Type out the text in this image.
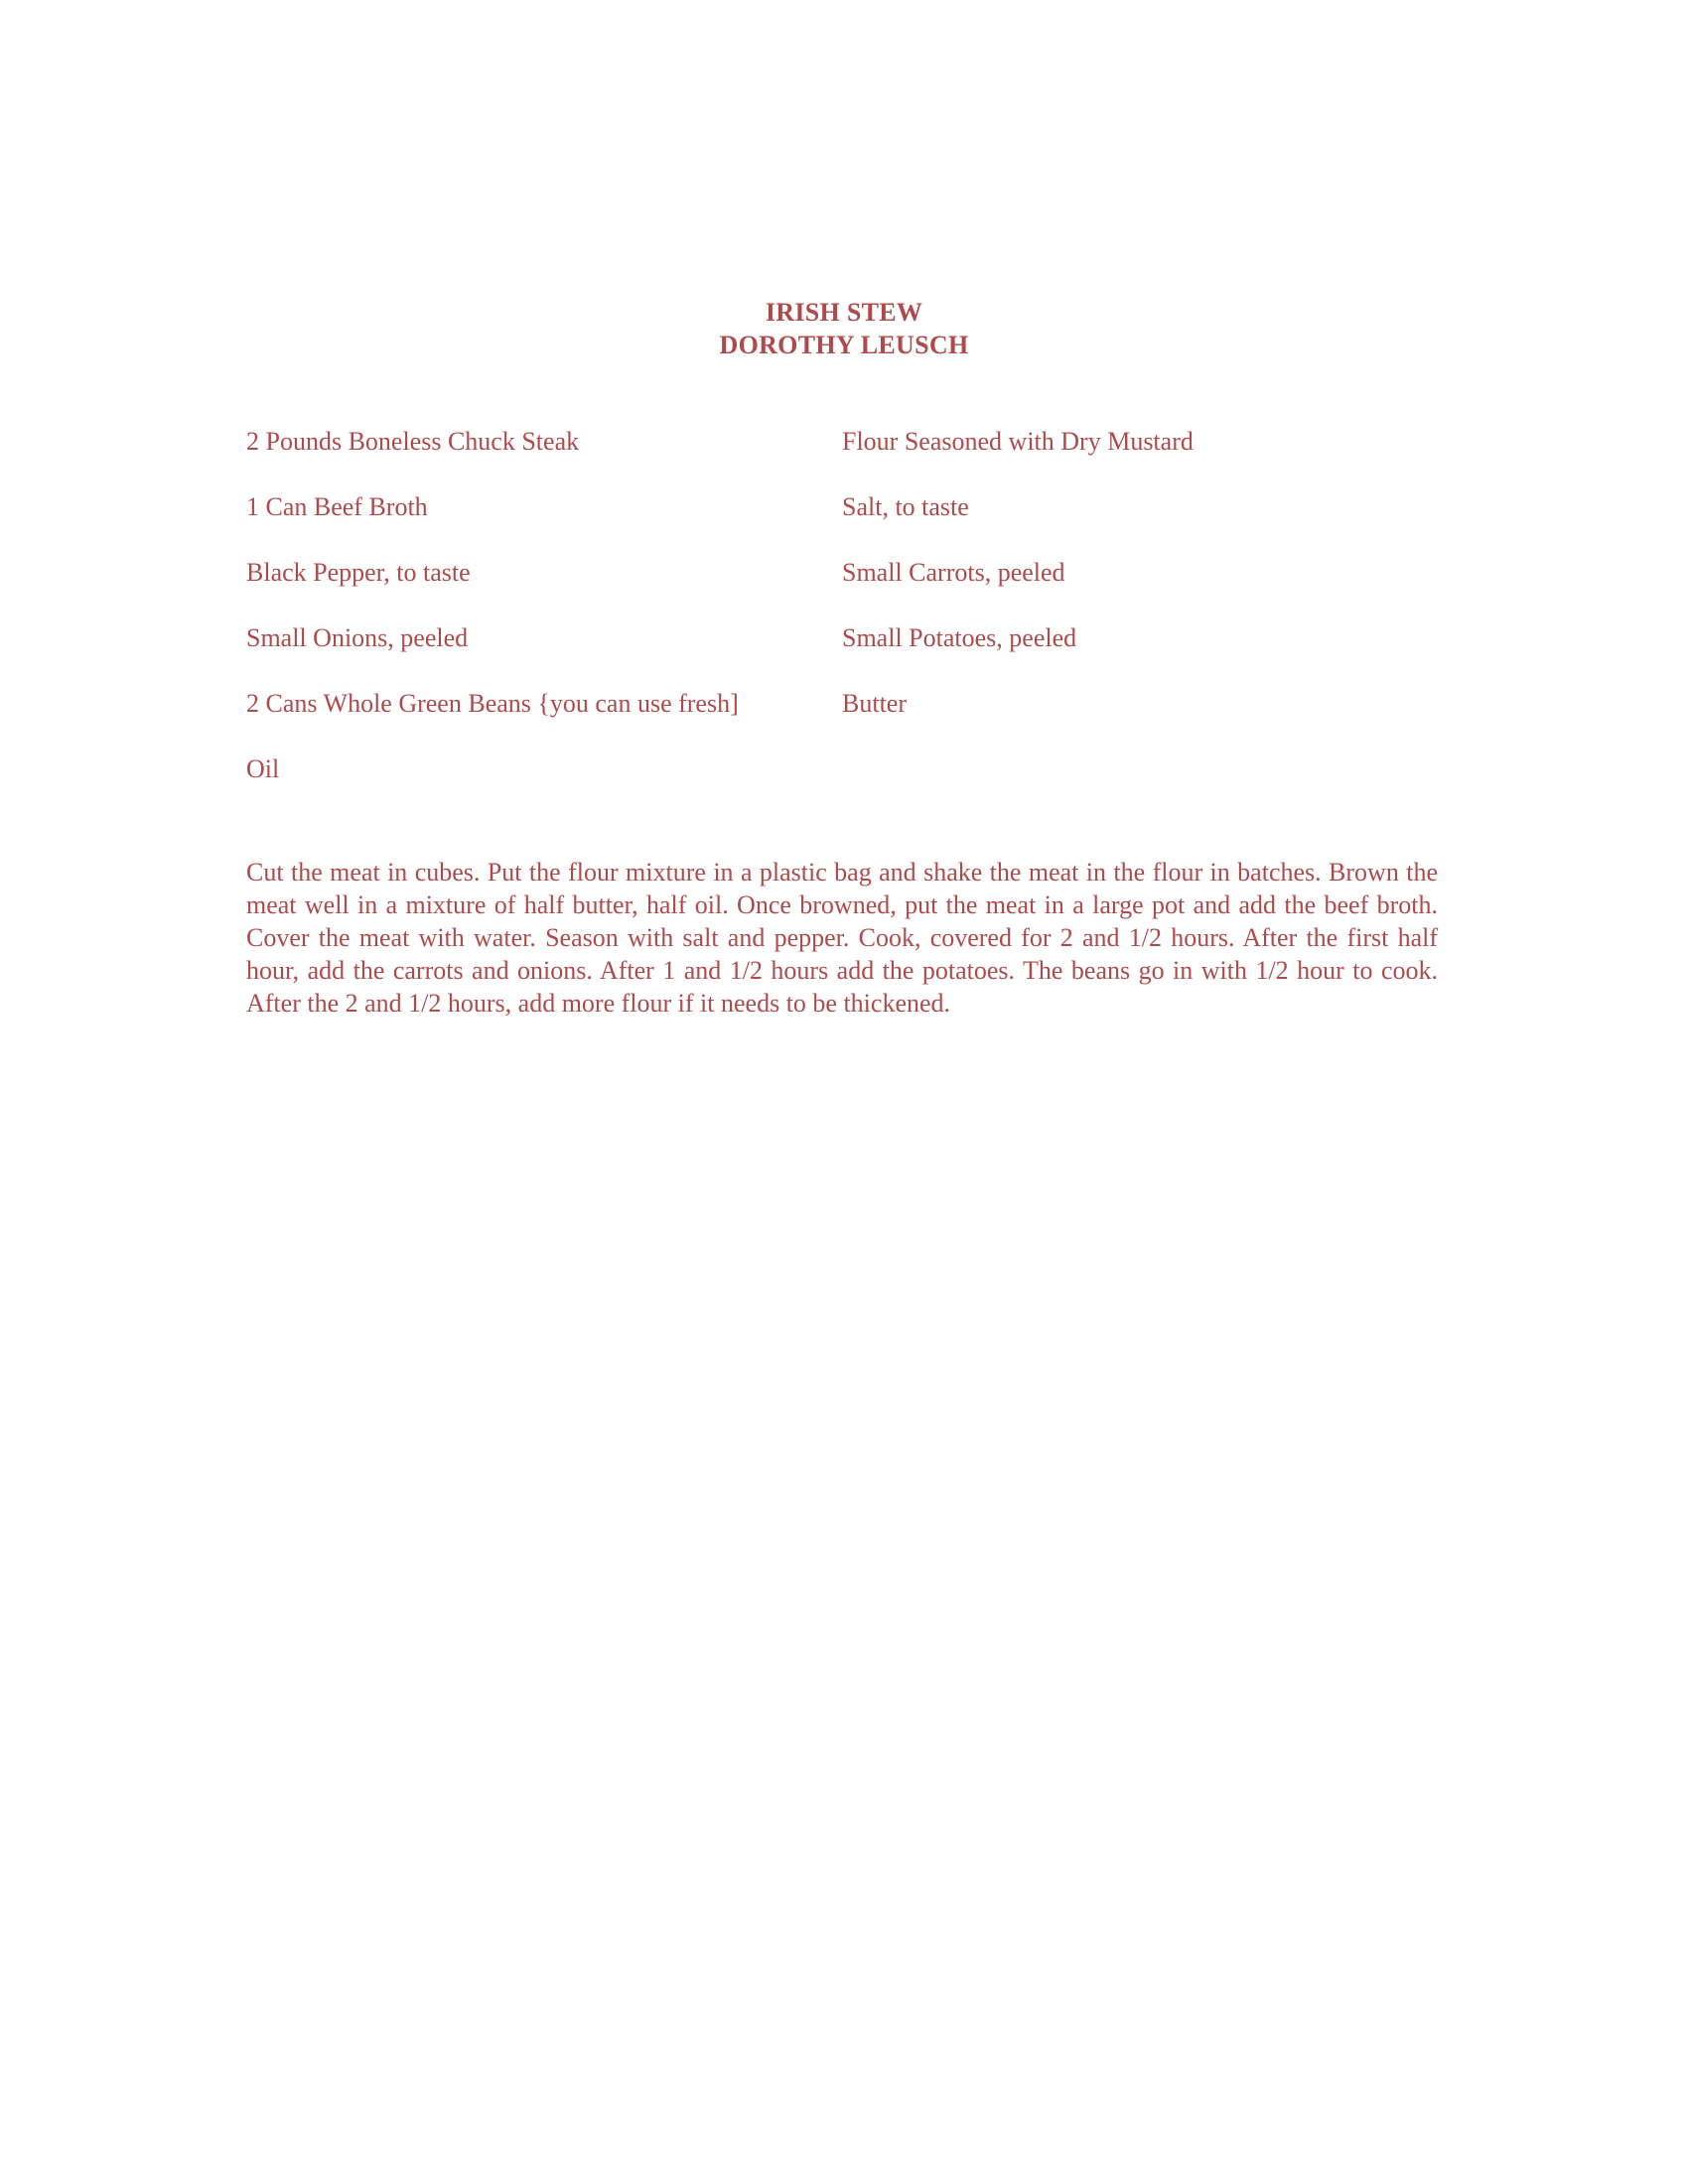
IRISH STEW
DOROTHY LEUSCH
2 Pounds Boneless Chuck Steak	Flour Seasoned with Dry Mustard
1 Can Beef Broth	Salt, to taste
Black Pepper, to taste	Small Carrots, peeled
Small Onions, peeled	Small Potatoes, peeled
2 Cans Whole Green Beans {you can use fresh]	Butter
Oil
Cut the meat in cubes. Put the flour mixture in a plastic bag and shake the meat in the flour in batches. Brown the meat well in a mixture of half butter, half oil. Once browned, put the meat in a large pot and add the beef broth. Cover the meat with water. Season with salt and pepper. Cook, covered for 2 and 1/2 hours. After the first half hour, add the carrots and onions. After 1 and 1/2 hours add the potatoes. The beans go in with 1/2 hour to cook. After the 2 and 1/2 hours, add more flour if it needs to be thickened.
